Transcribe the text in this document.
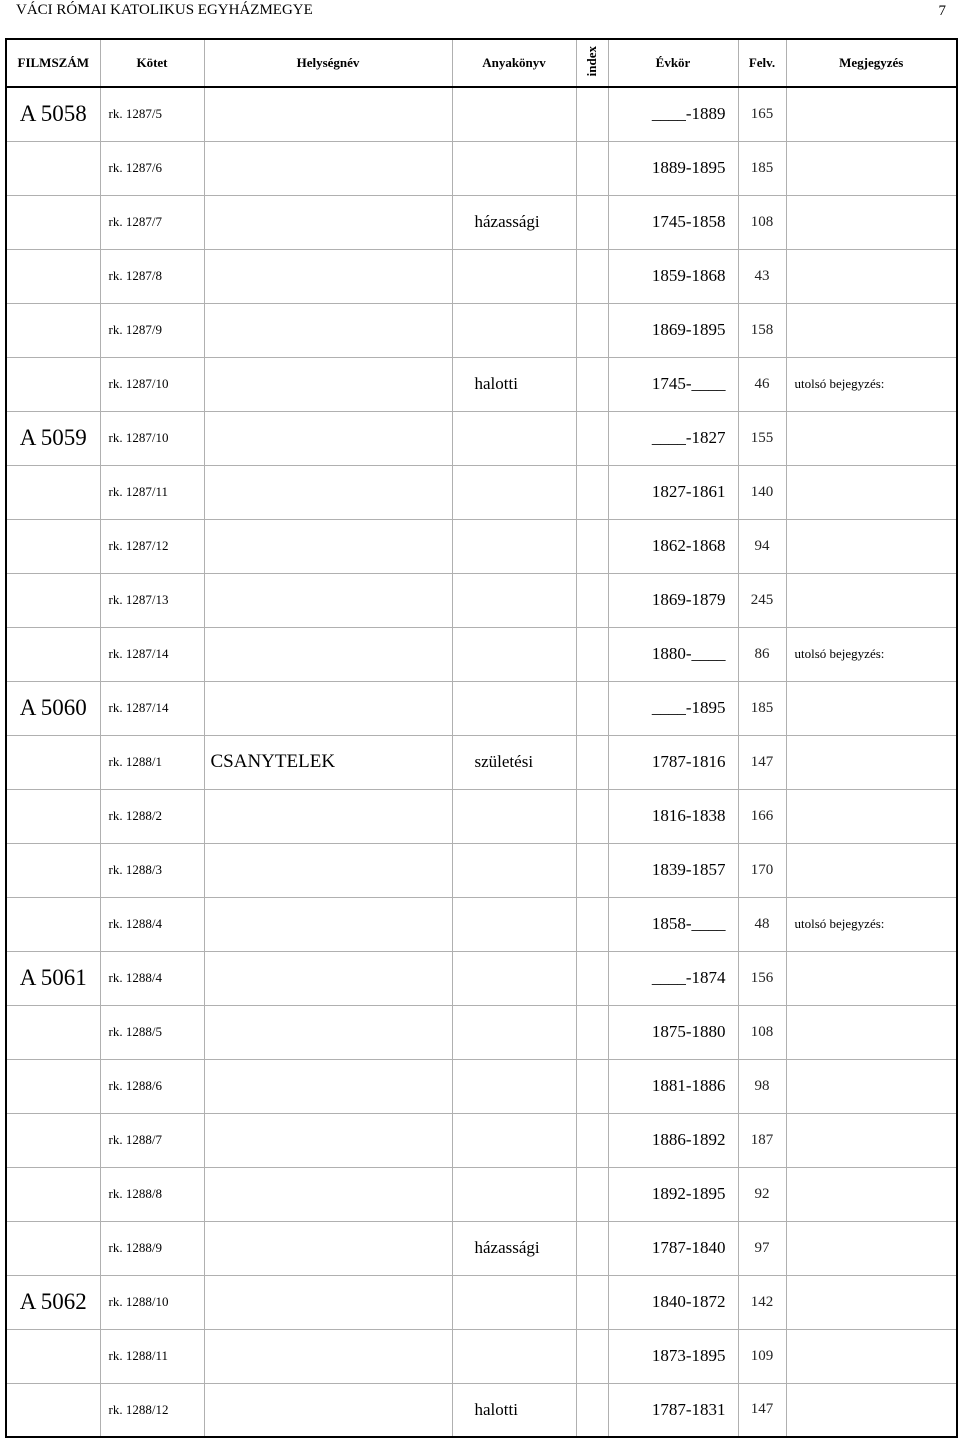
VÁCI RÓMAI KATOLIKUS EGYHÁZMEGYE	7
FILMSZÁM	Kötet	Helységnév	Anyakönyv	index	Évkör	Felv.	Megjegyzés
A 5058	rk. 1287/5				____-1889	165	
	rk. 1287/6				1889-1895	185	
	rk. 1287/7		házassági		1745-1858	108	
	rk. 1287/8				1859-1868	43	
	rk. 1287/9				1869-1895	158	
	rk. 1287/10		halotti		1745-____	46	utolsó bejegyzés:
A 5059	rk. 1287/10				____-1827	155	
	rk. 1287/11				1827-1861	140	
	rk. 1287/12				1862-1868	94	
	rk. 1287/13				1869-1879	245	
	rk. 1287/14				1880-____	86	utolsó bejegyzés:
A 5060	rk. 1287/14				____-1895	185	
	rk. 1288/1	CSANYTELEK	születési		1787-1816	147	
	rk. 1288/2				1816-1838	166	
	rk. 1288/3				1839-1857	170	
	rk. 1288/4				1858-____	48	utolsó bejegyzés:
A 5061	rk. 1288/4				____-1874	156	
	rk. 1288/5				1875-1880	108	
	rk. 1288/6				1881-1886	98	
	rk. 1288/7				1886-1892	187	
	rk. 1288/8				1892-1895	92	
	rk. 1288/9		házassági		1787-1840	97	
A 5062	rk. 1288/10				1840-1872	142	
	rk. 1288/11				1873-1895	109	
	rk. 1288/12		halotti		1787-1831	147	
